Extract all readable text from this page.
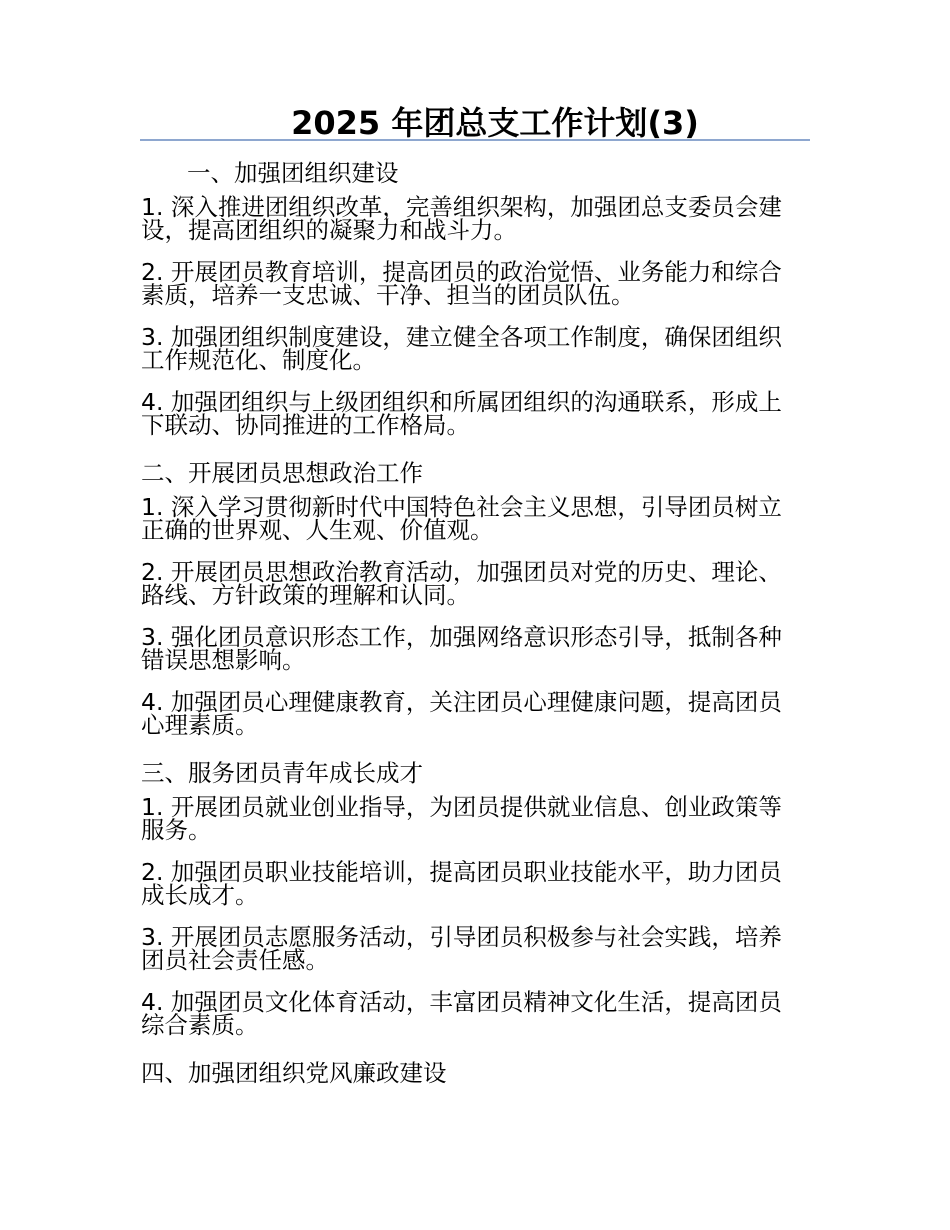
2025 年团总支工作计划(3)

一、加强团组织建设

1. 深入推进团组织改革，完善组织架构，加强团总支委员会建设，提高团组织的凝聚力和战斗力。

2. 开展团员教育培训，提高团员的政治觉悟、业务能力和综合素质，培养一支忠诚、干净、担当的团员队伍。

3. 加强团组织制度建设，建立健全各项工作制度，确保团组织工作规范化、制度化。

4. 加强团组织与上级团组织和所属团组织的沟通联系，形成上下联动、协同推进的工作格局。

二、开展团员思想政治工作

1. 深入学习贯彻新时代中国特色社会主义思想，引导团员树立正确的世界观、人生观、价值观。

2. 开展团员思想政治教育活动，加强团员对党的历史、理论、路线、方针政策的理解和认同。

3. 强化团员意识形态工作，加强网络意识形态引导，抵制各种错误思想影响。

4. 加强团员心理健康教育，关注团员心理健康问题，提高团员心理素质。

三、服务团员青年成长成才

1. 开展团员就业创业指导，为团员提供就业信息、创业政策等服务。

2. 加强团员职业技能培训，提高团员职业技能水平，助力团员成长成才。

3. 开展团员志愿服务活动，引导团员积极参与社会实践，培养团员社会责任感。

4. 加强团员文化体育活动，丰富团员精神文化生活，提高团员综合素质。

四、加强团组织党风廉政建设
